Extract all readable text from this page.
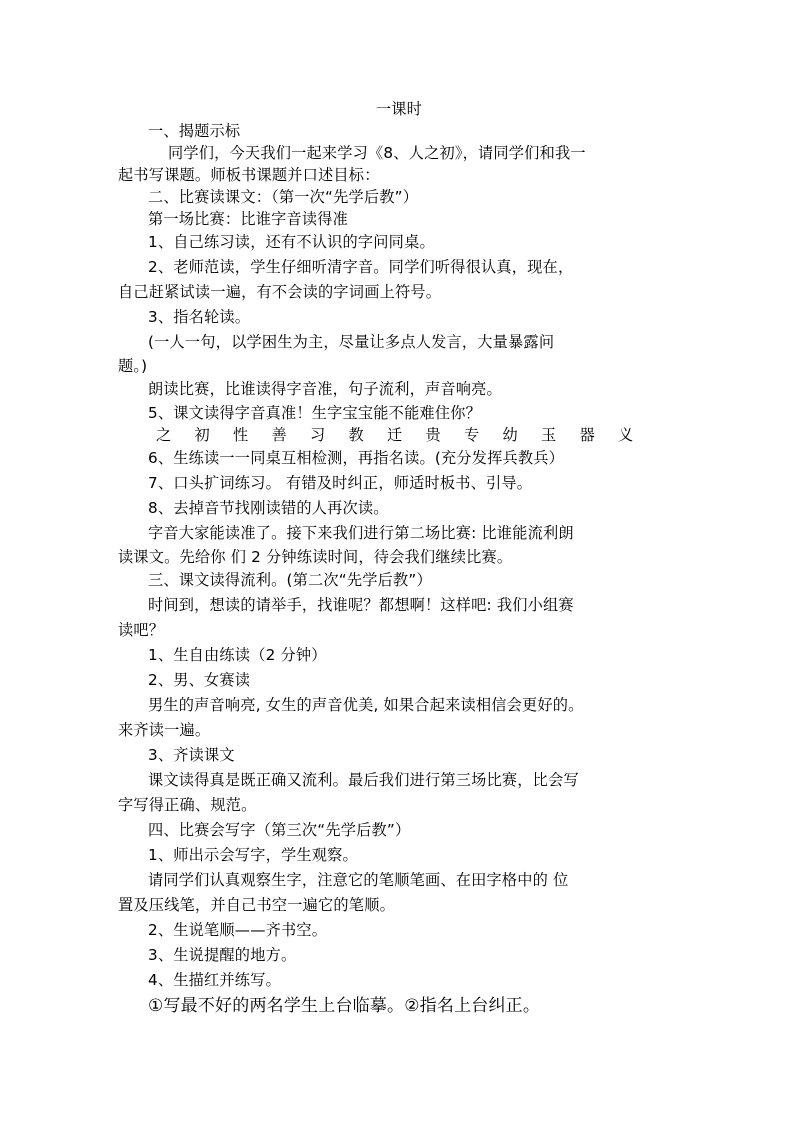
一课时
一、揭题示标
同学们，今天我们一起来学习《8、人之初》，请同学们和我一
起书写课题。师板书课题并口述目标：
二、比赛读课文：（第一次“先学后教”）
第一场比赛：比谁字音读得准
1、自己练习读，还有不认识的字问同桌。
2、老师范读，学生仔细听清字音。同学们听得很认真，现在，
自己赶紧试读一遍，有不会读的字词画上符号。
3、指名轮读。
(一人一句，以学困生为主，尽量让多点人发言，大量暴露问
题。)
朗读比赛，比谁读得字音准，句子流利，声音响亮。
5、课文读得字音真准！生字宝宝能不能难住你？
之	初	性	善	习	教	迁	贵	专	幼	玉	器	义
6、生练读一一同桌互相检测，再指名读。(充分发挥兵教兵）
7、口头扩词练习。 有错及时纠正，师适时板书、引导。
8、去掉音节找刚读错的人再次读。
字音大家能读准了。接下来我们进行第二场比赛: 比谁能流利朗
读课文。先给你 们 2 分钟练读时间，待会我们继续比赛。
三、课文读得流利。(第二次“先学后教”）
时间到，想读的请举手，找谁呢？都想啊！这样吧: 我们小组赛
读吧？
1、生自由练读（2 分钟）
2、男、女赛读
男生的声音响亮, 女生的声音优美, 如果合起来读相信会更好的。
来齐读一遍。
3、齐读课文
课文读得真是既正确又流利。最后我们进行第三场比赛，比会写
字写得正确、规范。
四、比赛会写字（第三次“先学后教”）
1、师出示会写字，学生观察。
请同学们认真观察生字，注意它的笔顺笔画、在田字格中的 位
置及压线笔，并自己书空一遍它的笔顺。
2、生说笔顺——齐书空。
3、生说提醒的地方。
4、生描红并练写。
①写最不好的两名学生上台临摹。②指名上台纠正。
